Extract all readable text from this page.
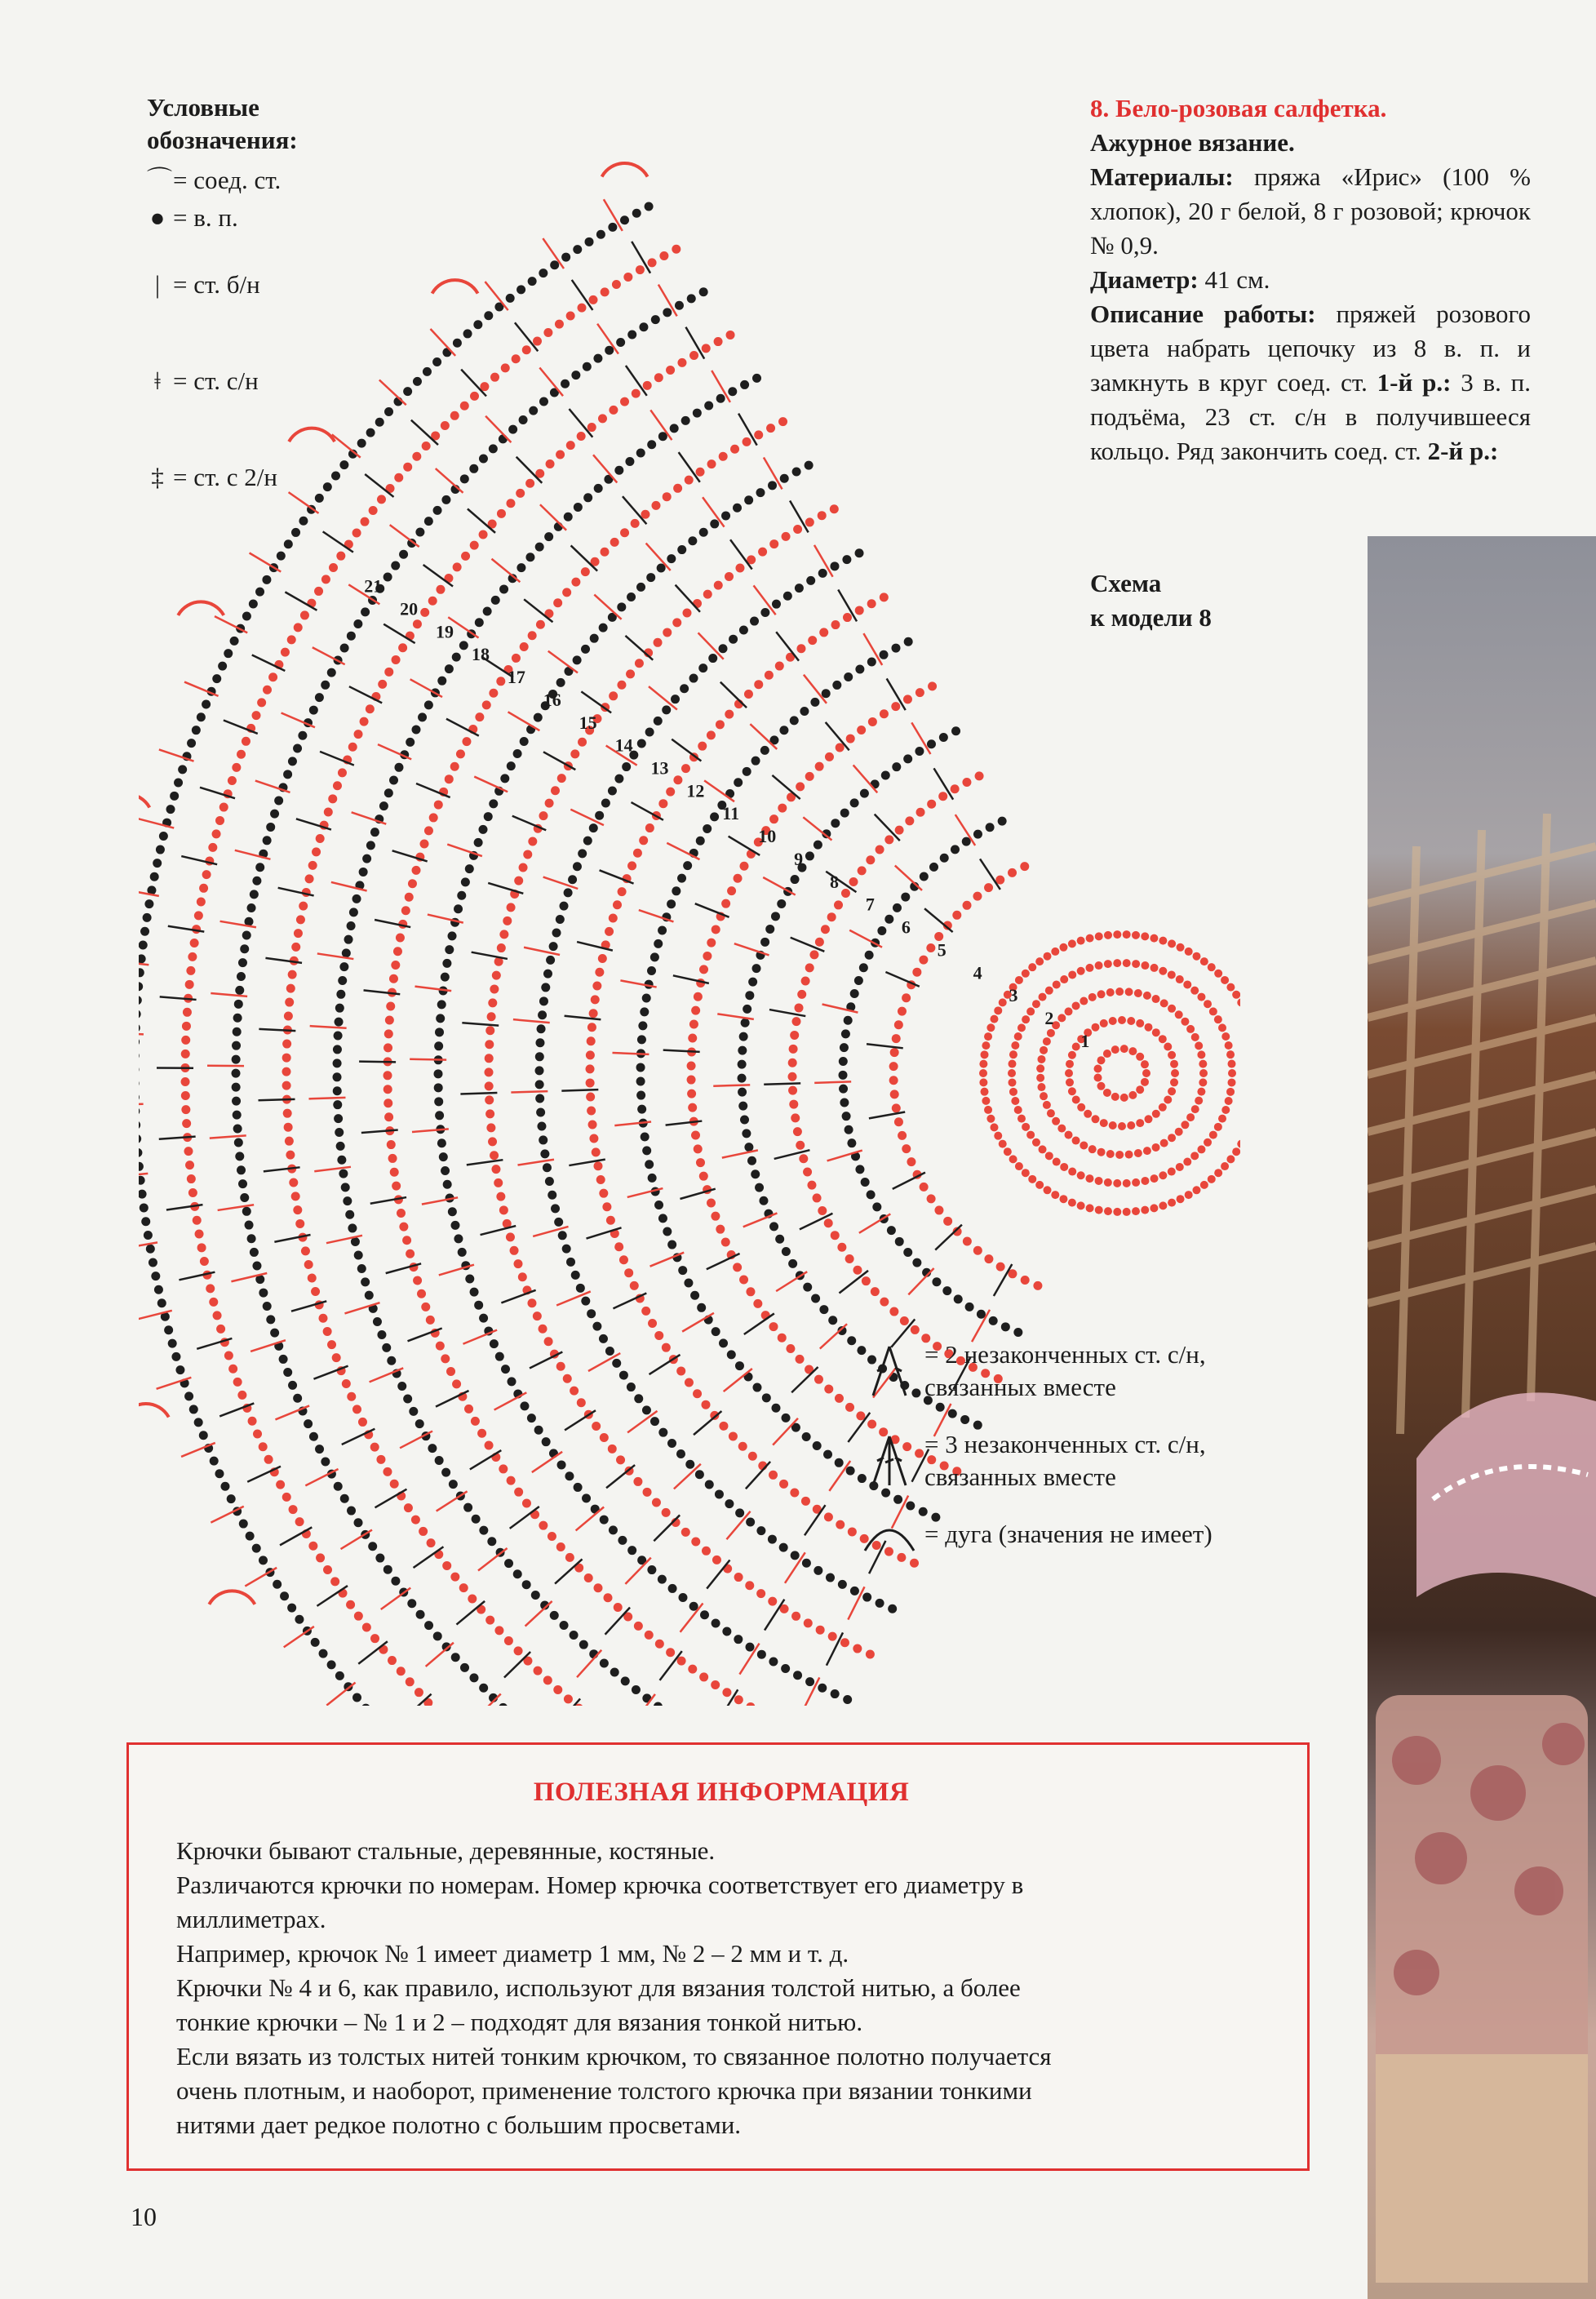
Условные
обозначения:
⌒ = соед. ст.
● = в. п.
| = ст. б/н
ǂ = ст. с/н
‡ = ст. с 2/н

8. Бело-розовая салфетка.

Ажурное вязание.

Материалы: пряжа «Ирис» (100 % хлопок), 20 г белой, 8 г розовой; крючок № 0,9.

Диаметр: 41 см.

Описание работы: пряжей розового цвета набрать цепочку из 8 в. п. и замкнуть в круг соед. ст. 1-й р.: 3 в. п. подъёма, 23 ст. с/н в получившееся кольцо. Ряд закончить соед. ст. 2-й р.:

Схема
к модели 8
1
2
3
4
5
6
7
8
9
10
11
12
13
14
15
16
17
18
19
20
21
= 2 незаконченных ст. с/н,
связанных вместе
= 3 незаконченных ст. с/н,
связанных вместе
= дуга (значения не имеет)

ПОЛЕЗНАЯ ИНФОРМАЦИЯ

Крючки бывают стальные, деревянные, костяные.

Различаются крючки по номерам. Номер крючка соответствует его диаметру в

миллиметрах.

Например, крючок № 1 имеет диаметр 1 мм, № 2 – 2 мм и т. д.

Крючки № 4 и 6, как правило, используют для вязания толстой нитью, а более

тонкие крючки – № 1 и 2 – подходят для вязания тонкой нитью.

Если вязать из толстых нитей тонким крючком, то связанное полотно получается

очень плотным, и наоборот, применение толстого крючка при вязании тонкими

нитями дает редкое полотно с большим просветами.

10
